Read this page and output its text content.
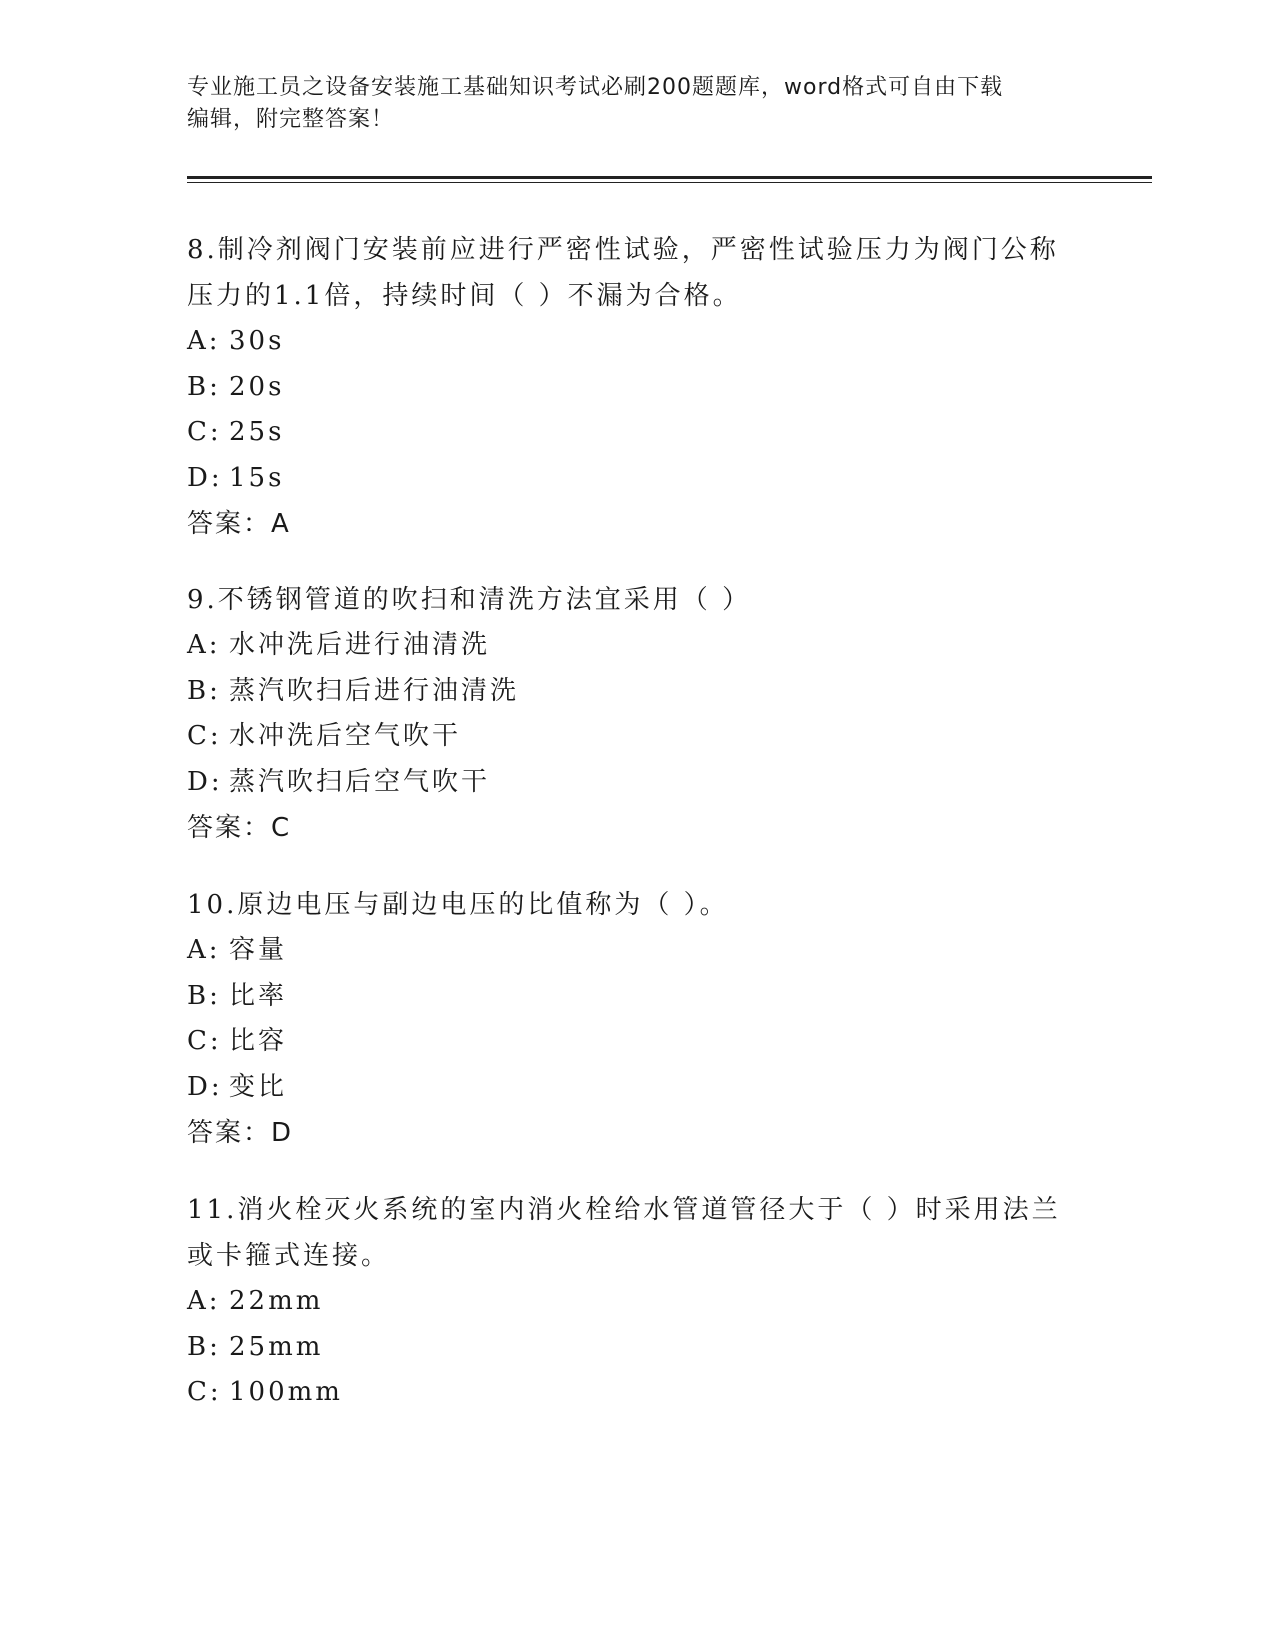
专业施工员之设备安装施工基础知识考试必刷200题题库，word格式可自由下载
编辑，附完整答案！
8.制冷剂阀门安装前应进行严密性试验，严密性试验压力为阀门公称
压力的1.1倍，持续时间（ ）不漏为合格。
A: 30s
B: 20s
C: 25s
D: 15s
答案：A
9.不锈钢管道的吹扫和清洗方法宜采用（ ）
A: 水冲洗后进行油清洗
B: 蒸汽吹扫后进行油清洗
C: 水冲洗后空气吹干
D: 蒸汽吹扫后空气吹干
答案：C
10.原边电压与副边电压的比值称为（ ）。
A: 容量
B: 比率
C: 比容
D: 变比
答案：D
11.消火栓灭火系统的室内消火栓给水管道管径大于（ ）时采用法兰
或卡箍式连接。
A: 22mm
B: 25mm
C: 100mm
